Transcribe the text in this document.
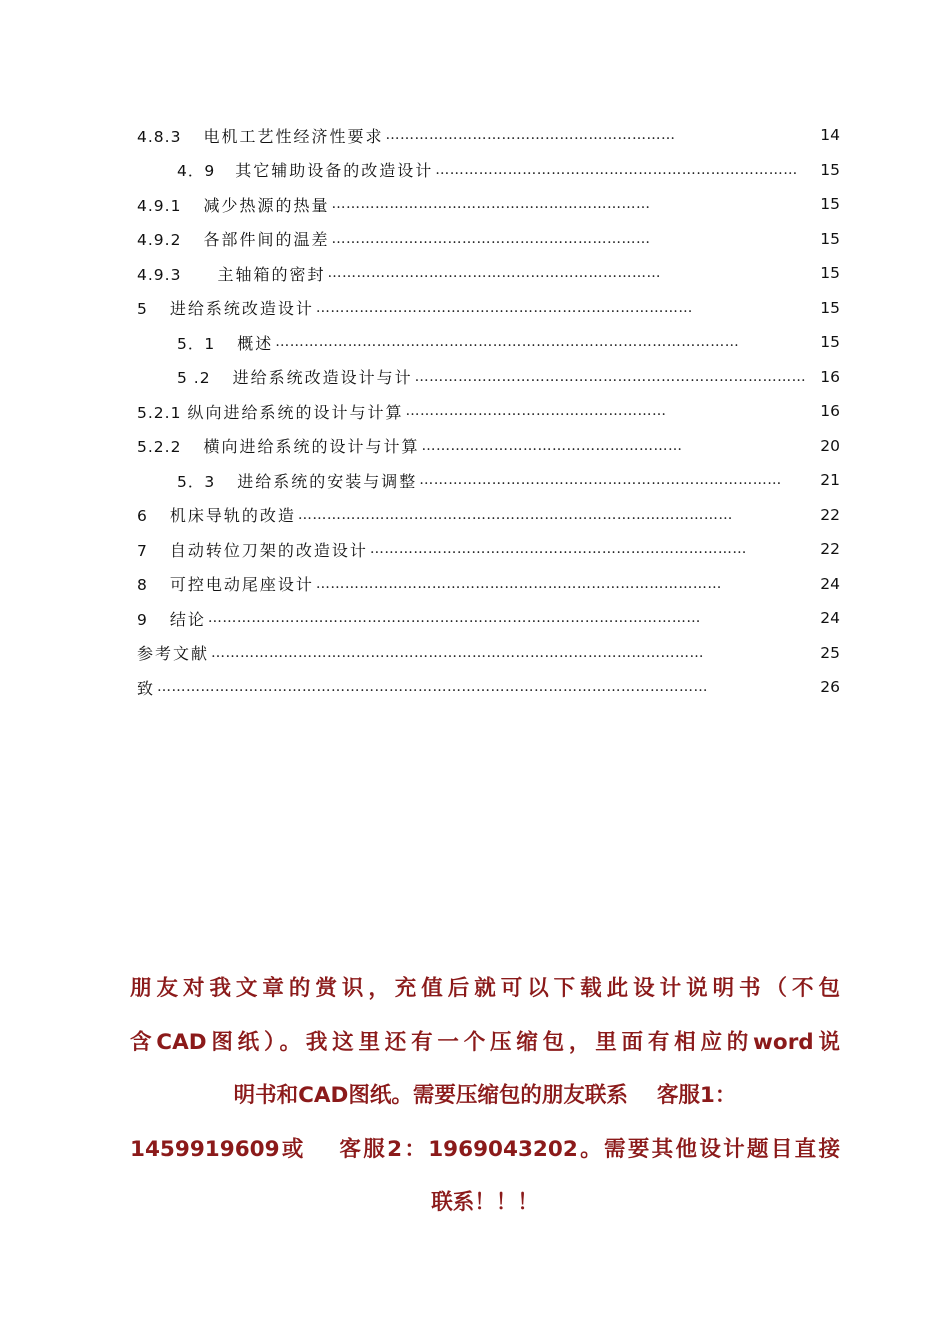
4.8.3 电机工艺性经济性要求 ……………………………………………………	14
4．9 其它辅助设备的改造设计 …………………………………………………………………	15
4.9.1 减少热源的热量 …………………………………………………………	15
4.9.2 各部件间的温差 …………………………………………………………	15
4.9.3 主轴箱的密封 ……………………………………………………………	15
5 进给系统改造设计 ……………………………………………………………………	15
5．1 概述 ……………………………………………………………………………………	15
5 .2 进给系统改造设计与计 ……………………………………………………………………… 16
5.2.1 纵向进给系统的设计与计算 ………………………………………………	16
5.2.2 横向进给系统的设计与计算 ………………………………………………	20
5．3 进给系统的安装与调整 …………………………………………………………………	21
6 机床导轨的改造 ………………………………………………………………………………	22
7 自动转位刀架的改造设计 ……………………………………………………………………	22
8 可控电动尾座设计 …………………………………………………………………………	24
9 结论 …………………………………………………………………………………………	24
参考文献 …………………………………………………………………………………………	25
致 ……………………………………………………………………………………………………	26

朋友对我文章的赏识，充值后就可以下载此设计说明书（不包

含CAD图纸）。我这里还有一个压缩包，里面有相应的word说

明书和CAD图纸。需要压缩包的朋友联系　 客服1：

1459919609或　 客服2：1969043202。需要其他设计题目直接

联系！！！
